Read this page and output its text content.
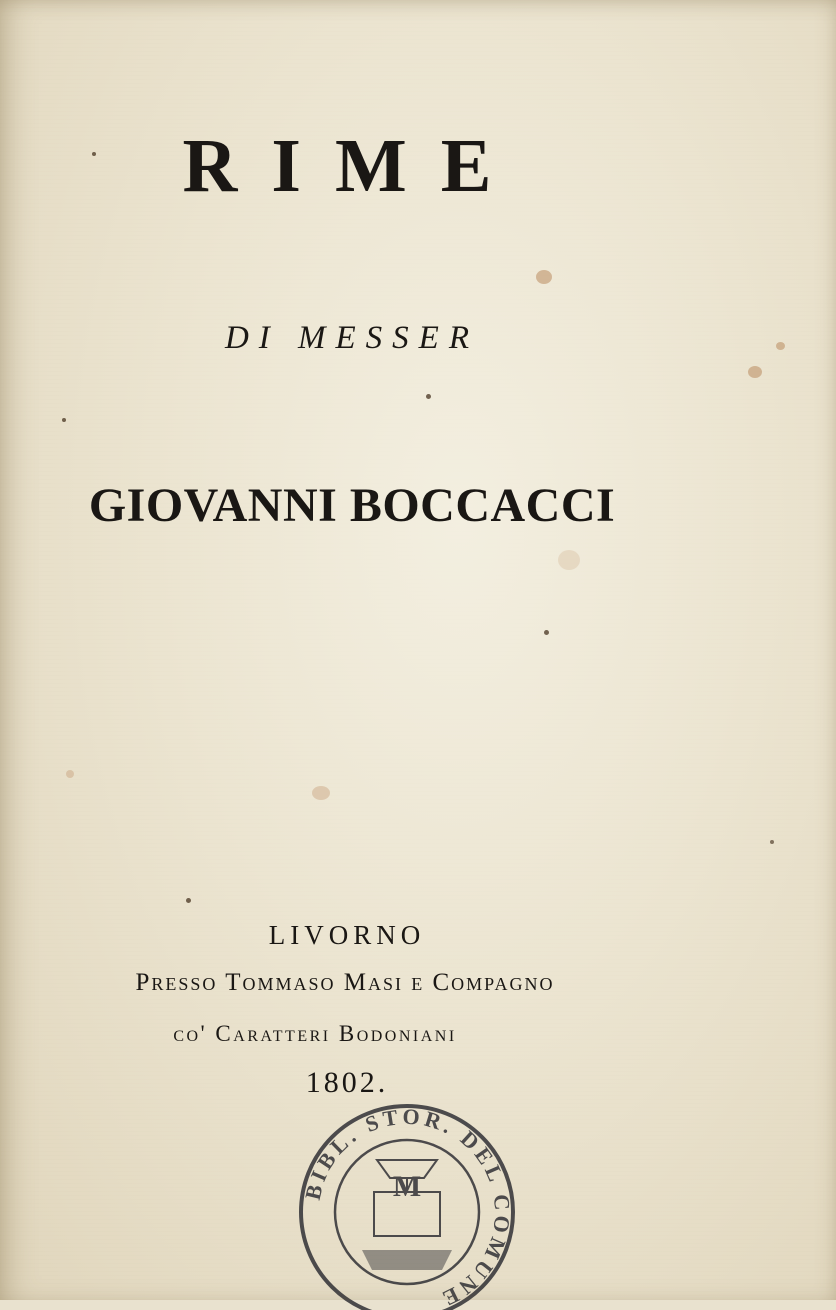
RIME
DI MESSER
GIOVANNI BOCCACCI
LIVORNO
Presso Tommaso Masi e Compagno
co' Caratteri Bodoniani
1802.
BIBL. STOR. DEL COMUNE
M
